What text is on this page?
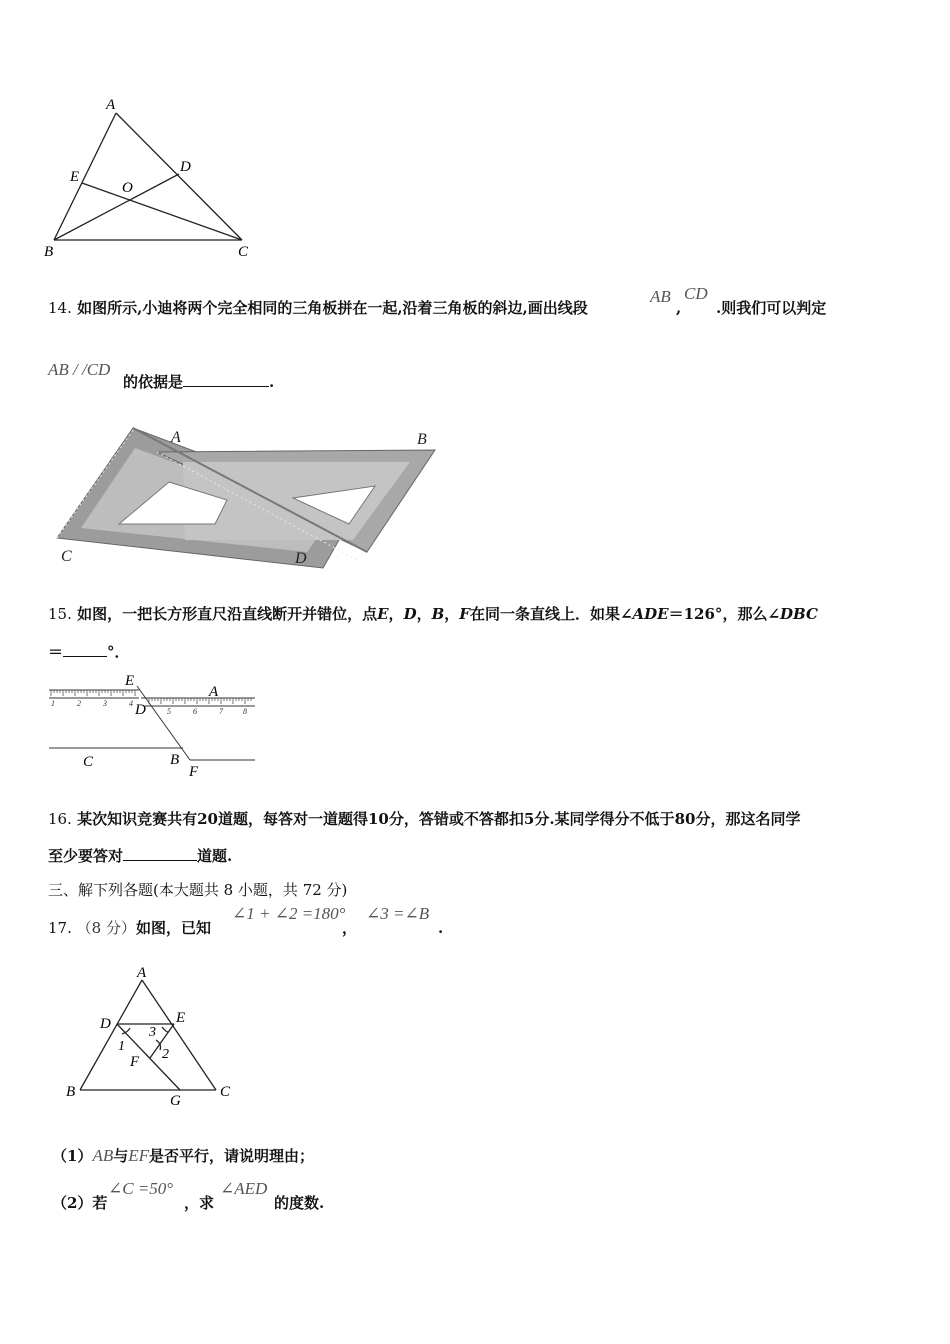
A
E
D
O
B	C
14. 如图所示,小迪将两个完全相同的三角板拼在一起,沿着三角板的斜边,画出线段
AB
,
CD
.则我们可以判定
AB / /CD
的依据是	.
A	B
C	D
15. 如图，一把长方形直尺沿直线断开并错位，点E，D，B，F在同一条直线上．如果∠ADE＝126°，那么∠DBC
＝	°．
1	2	3	4
5	6	7	8
E
A
D
C	B
F
16. 某次知识竞赛共有20道题，每答对一道题得10分，答错或不答都扣5分.某同学得分不低于80分，那这名同学
至少要答对	道题.
三、解下列各题(本大题共 8 小题，共 72 分)
17. （8 分）如图，已知
∠1 + ∠2 =180°
，
∠3 =∠B
.
A
D	E
F
B
G
C
1
2
3
（1）AB与EF是否平行，请说明理由；
（2）若
∠C =50°
，求
∠AED
的度数.
